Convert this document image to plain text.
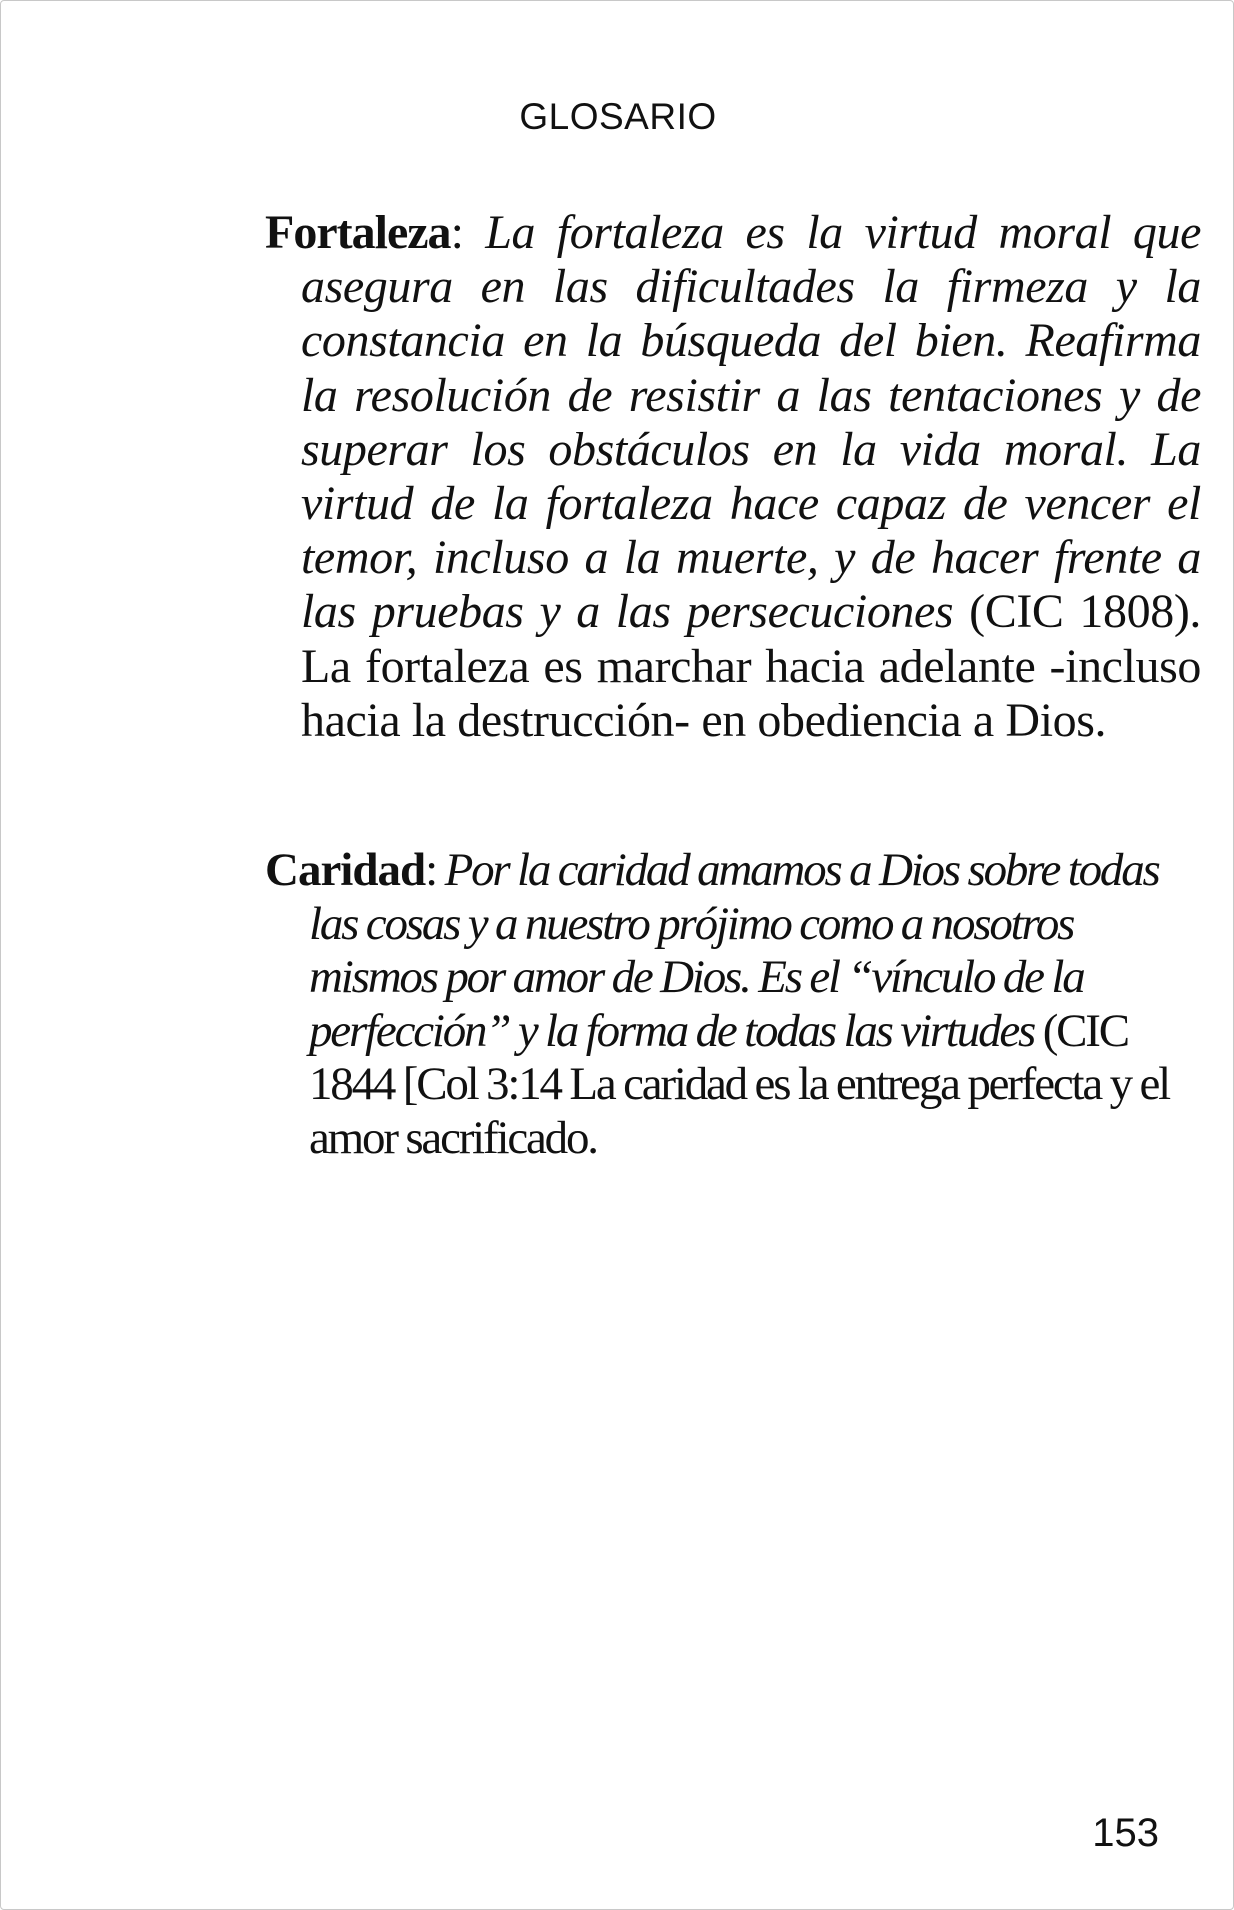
GLOSARIO

Fortaleza: La fortaleza es la virtud moral que asegura en las dificultades la firmeza y la constancia en la búsqueda del bien. Reafirma la resolución de resistir a las tentaciones y de superar los obstáculos en la vida moral. La virtud de la fortaleza hace capaz de vencer el temor, incluso a la muerte, y de hacer frente a las pruebas y a las persecuciones (CIC 1808). La fortaleza es marchar hacia adelante -incluso hacia la destrucción- en obediencia a Dios.

Caridad: Por la caridad amamos a Dios sobre todas las cosas y a nuestro prójimo como a nosotros mismos por amor de Dios. Es el “vínculo de la perfección” y la forma de todas las virtudes (CIC 1844 [Col 3:14 La caridad es la entrega perfecta y el amor sacrificado.

153
